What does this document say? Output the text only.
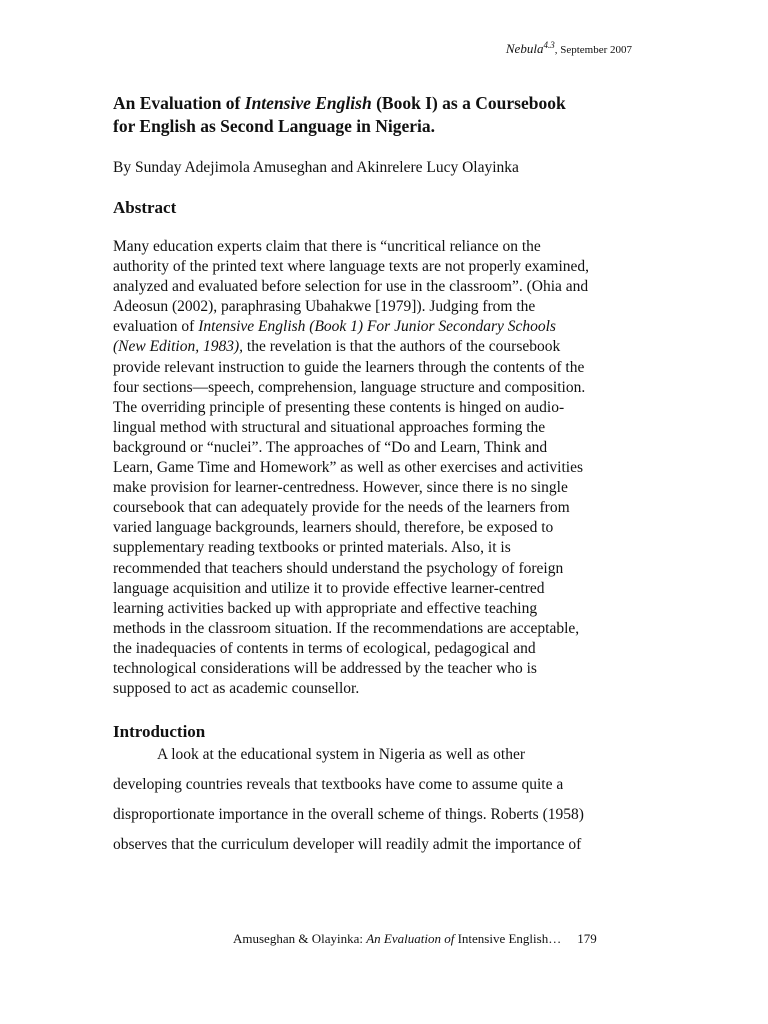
Nebula$^{4.3}$, September 2007
An Evaluation of Intensive English (Book I) as a Coursebook
for English as Second Language in Nigeria.

By Sunday Adejimola Amuseghan and Akinrelere Lucy Olayinka

Abstract

Many education experts claim that there is “uncritical reliance on the
authority of the printed text where language texts are not properly examined,
analyzed and evaluated before selection for use in the classroom”. (Ohia and
Adeosun (2002), paraphrasing Ubahakwe [1979]). Judging from the
evaluation of Intensive English (Book 1) For Junior Secondary Schools
(New Edition, 1983), the revelation is that the authors of the coursebook
provide relevant instruction to guide the learners through the contents of the
four sections—speech, comprehension, language structure and composition.
The overriding principle of presenting these contents is hinged on audio-
lingual method with structural and situational approaches forming the
background or “nuclei”. The approaches of “Do and Learn, Think and
Learn, Game Time and Homework” as well as other exercises and activities
make provision for learner-centredness. However, since there is no single
coursebook that can adequately provide for the needs of the learners from
varied language backgrounds, learners should, therefore, be exposed to
supplementary reading textbooks or printed materials. Also, it is
recommended that teachers should understand the psychology of foreign
language acquisition and utilize it to provide effective learner-centred
learning activities backed up with appropriate and effective teaching
methods in the classroom situation. If the recommendations are acceptable,
the inadequacies of contents in terms of ecological, pedagogical and
technological considerations will be addressed by the teacher who is
supposed to act as academic counsellor.

Introduction

A look at the educational system in Nigeria as well as other
developing countries reveals that textbooks have come to assume quite a
disproportionate importance in the overall scheme of things. Roberts (1958)
observes that the curriculum developer will readily admit the importance of

Amuseghan & Olayinka: An Evaluation of Intensive English… 179
